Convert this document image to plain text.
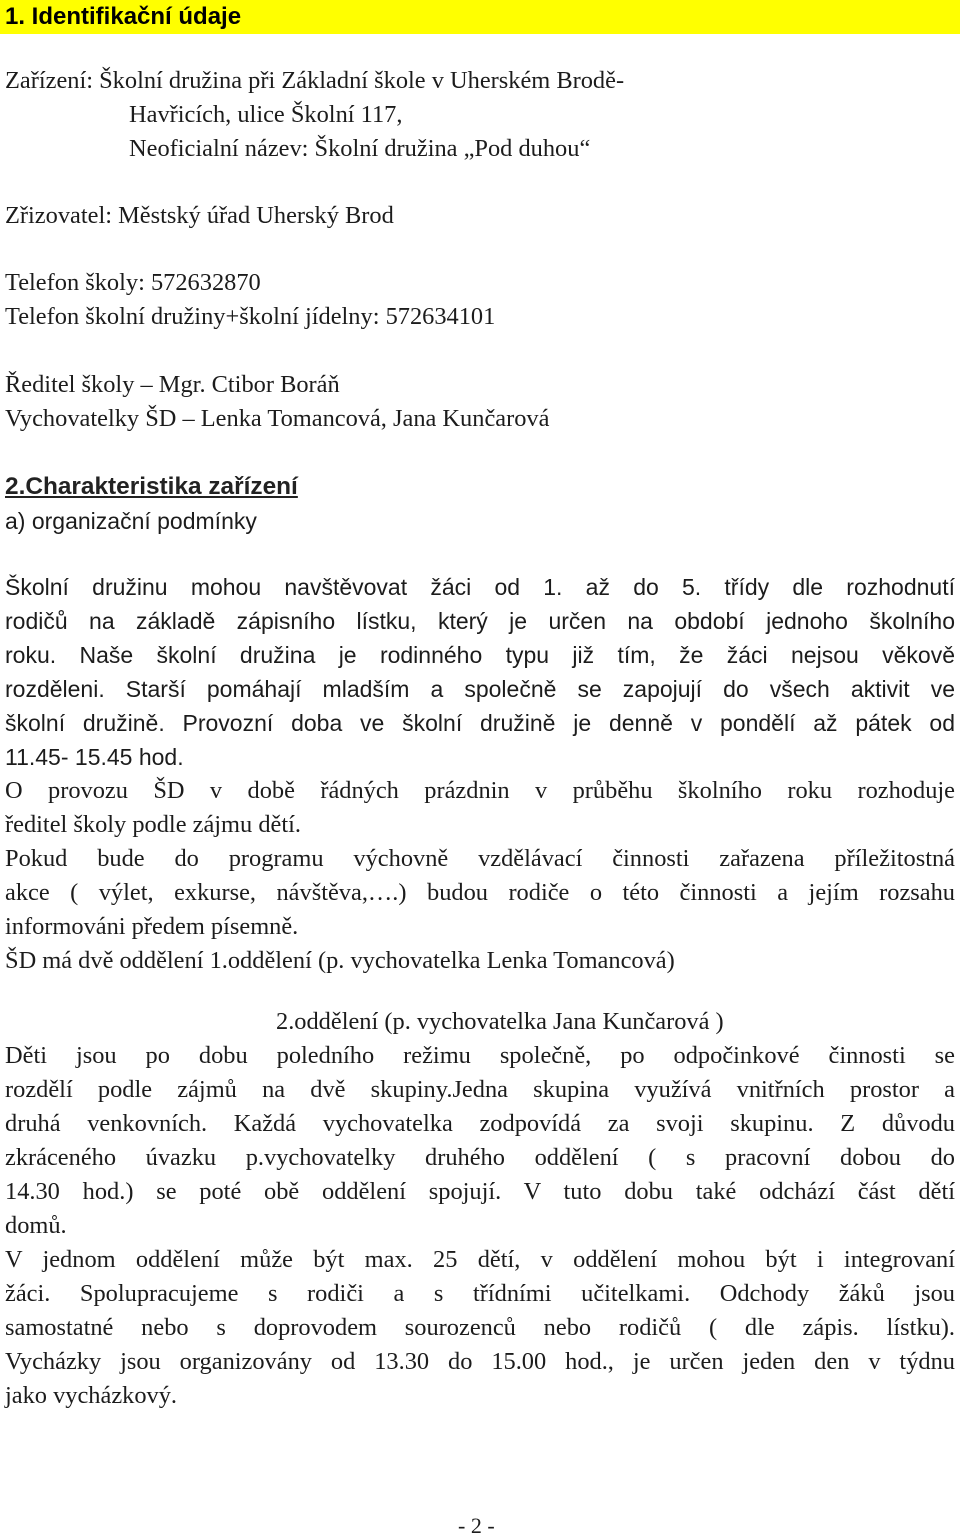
1. Identifikační údaje
Zařízení: Školní družina při Základní škole v Uherském Brodě-
Havřicích, ulice Školní 117,
Neoficialní název: Školní družina „Pod duhou“
Zřizovatel: Městský úřad Uherský Brod
Telefon školy: 572632870
Telefon školní družiny+školní jídelny: 572634101
Ředitel školy – Mgr. Ctibor Boráň
Vychovatelky ŠD – Lenka Tomancová, Jana Kunčarová
2.Charakteristika zařízení
a) organizační podmínky
Školní družinu mohou navštěvovat žáci od 1. až do 5. třídy dle rozhodnutí
rodičů na základě zápisního lístku, který je určen na období jednoho školního
roku. Naše školní družina je rodinného typu již tím, že žáci nejsou věkově
rozděleni. Starší pomáhají mladším a společně se zapojují do všech aktivit ve
školní družině. Provozní doba ve školní družině je denně v pondělí až pátek od
11.45- 15.45 hod.
O provozu ŠD v době řádných prázdnin v průběhu školního roku rozhoduje
ředitel školy podle zájmu dětí.
Pokud bude do programu výchovně vzdělávací činnosti zařazena příležitostná
akce ( výlet, exkurse, návštěva,….) budou rodiče o této činnosti a jejím rozsahu
informováni předem písemně.
ŠD má dvě oddělení 1.oddělení (p. vychovatelka Lenka Tomancová)
2.oddělení (p. vychovatelka Jana Kunčarová )
Děti jsou po dobu poledního režimu společně, po odpočinkové činnosti se
rozdělí podle zájmů na dvě skupiny.Jedna skupina využívá vnitřních prostor a
druhá venkovních. Každá vychovatelka zodpovídá za svoji skupinu. Z důvodu
zkráceného úvazku p.vychovatelky druhého oddělení ( s pracovní dobou do
14.30 hod.) se poté obě oddělení spojují. V tuto dobu také odchází část dětí
domů.
V jednom oddělení může být max. 25 dětí, v oddělení mohou být i integrovaní
žáci. Spolupracujeme s rodiči a s třídními učitelkami. Odchody žáků jsou
samostatné nebo s doprovodem sourozenců nebo rodičů ( dle zápis. lístku).
Vycházky jsou organizovány od 13.30 do 15.00 hod., je určen jeden den v týdnu
jako vycházkový.
- 2 -
